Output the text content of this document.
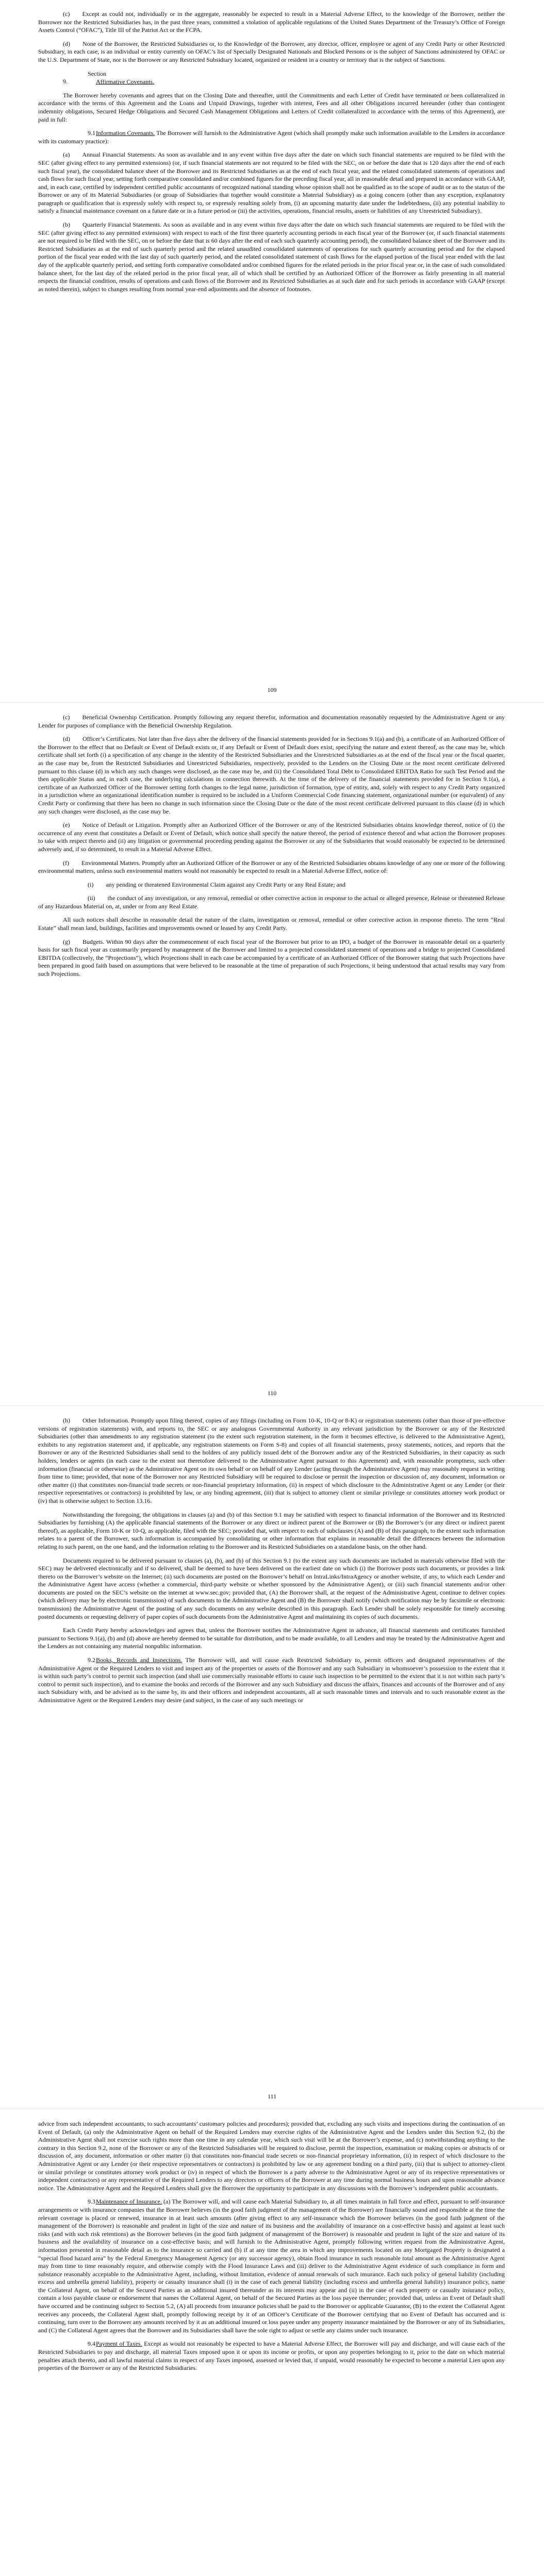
(c)  Except as could not, individually or in the aggregate, reasonably be expected to result in a Material Adverse Effect, to the knowledge of the Borrower, neither the Borrower nor the Restricted Subsidiaries has, in the past three years, committed a violation of applicable regulations of the United States Department of the Treasury’s Office of Foreign Assets Control (“OFAC”), Title III of the Patriot Act or the FCPA.

(d)  None of the Borrower, the Restricted Subsidiaries or, to the Knowledge of the Borrower, any director, officer, employee or agent of any Credit Party or other Restricted Subsidiary, in each case, is an individual or entity currently on OFAC’s list of Specially Designated Nationals and Blocked Persons or is the subject of Sanctions administered by OFAC or the U.S. Department of State, nor is the Borrower or any Restricted Subsidiary located, organized or resident in a country or territory that is the subject of Sanctions.

Section 9.	Affirmative Covenants.

The Borrower hereby covenants and agrees that on the Closing Date and thereafter, until the Commitments and each Letter of Credit have terminated or been collateralized in accordance with the terms of this Agreement and the Loans and Unpaid Drawings, together with interest, Fees and all other Obligations incurred hereunder (other than contingent indemnity obligations, Secured Hedge Obligations and Secured Cash Management Obligations and Letters of Credit collateralized in accordance with the terms of this Agreement), are paid in full:

9.1Information Covenants. The Borrower will furnish to the Administrative Agent (which shall promptly make such information available to the Lenders in accordance with its customary practice):

(a)  Annual Financial Statements. As soon as available and in any event within five days after the date on which such financial statements are required to be filed with the SEC (after giving effect to any permitted extensions) (or, if such financial statements are not required to be filed with the SEC, on or before the date that is 120 days after the end of each such fiscal year), the consolidated balance sheet of the Borrower and its Restricted Subsidiaries as at the end of each fiscal year, and the related consolidated statements of operations and cash flows for such fiscal year, setting forth comparative consolidated and/or combined figures for the preceding fiscal year, all in reasonable detail and prepared in accordance with GAAP, and, in each case, certified by independent certified public accountants of recognized national standing whose opinion shall not be qualified as to the scope of audit or as to the status of the Borrower or any of its Material Subsidiaries (or group of Subsidiaries that together would constitute a Material Subsidiary) as a going concern (other than any exception, explanatory paragraph or qualification that is expressly solely with respect to, or expressly resulting solely from, (i) an upcoming maturity date under the Indebtedness, (ii) any potential inability to satisfy a financial maintenance covenant on a future date or in a future period or (iii) the activities, operations, financial results, assets or liabilities of any Unrestricted Subsidiary).

(b)  Quarterly Financial Statements. As soon as available and in any event within five days after the date on which such financial statements are required to be filed with the SEC (after giving effect to any permitted extensions) with respect to each of the first three quarterly accounting periods in each fiscal year of the Borrower (or, if such financial statements are not required to be filed with the SEC, on or before the date that is 60 days after the end of each such quarterly accounting period), the consolidated balance sheet of the Borrower and its Restricted Subsidiaries as at the end of such quarterly period and the related unaudited consolidated statements of operations for such quarterly accounting period and for the elapsed portion of the fiscal year ended with the last day of such quarterly period, and the related consolidated statement of cash flows for the elapsed portion of the fiscal year ended with the last day of the applicable quarterly period, and setting forth comparative consolidated and/or combined figures for the related periods in the prior fiscal year or, in the case of such consolidated balance sheet, for the last day of the related period in the prior fiscal year, all of which shall be certified by an Authorized Officer of the Borrower as fairly presenting in all material respects the financial condition, results of operations and cash flows of the Borrower and its Restricted Subsidiaries as at such date and for such periods in accordance with GAAP (except as noted therein), subject to changes resulting from normal year-end adjustments and the absence of footnotes.

109

(c)  Beneficial Ownership Certification. Promptly following any request therefor, information and documentation reasonably requested by the Administrative Agent or any Lender for purposes of compliance with the Beneficial Ownership Regulation.

(d)  Officer’s Certificates. Not later than five days after the delivery of the financial statements provided for in Sections 9.1(a) and (b), a certificate of an Authorized Officer of the Borrower to the effect that no Default or Event of Default exists or, if any Default or Event of Default does exist, specifying the nature and extent thereof, as the case may be, which certificate shall set forth (i) a specification of any change in the identity of the Restricted Subsidiaries and the Unrestricted Subsidiaries as at the end of the fiscal year or the fiscal quarter, as the case may be, from the Restricted Subsidiaries and Unrestricted Subsidiaries, respectively, provided to the Lenders on the Closing Date or the most recent certificate delivered pursuant to this clause (d) in which any such changes were disclosed, as the case may be, and (ii) the Consolidated Total Debt to Consolidated EBITDA Ratio for such Test Period and the then applicable Status and, in each case, the underlying calculations in connection therewith. At the time of the delivery of the financial statements provided for in Section 9.1(a), a certificate of an Authorized Officer of the Borrower setting forth changes to the legal name, jurisdiction of formation, type of entity, and, solely with respect to any Credit Party organized in a jurisdiction where an organizational identification number is required to be included in a Uniform Commercial Code financing statement, organizational number (or equivalent) of any Credit Party or confirming that there has been no change in such information since the Closing Date or the date of the most recent certificate delivered pursuant to this clause (d) in which any such changes were disclosed, as the case may be.

(e)  Notice of Default or Litigation. Promptly after an Authorized Officer of the Borrower or any of the Restricted Subsidiaries obtains knowledge thereof, notice of (i) the occurrence of any event that constitutes a Default or Event of Default, which notice shall specify the nature thereof, the period of existence thereof and what action the Borrower proposes to take with respect thereto and (ii) any litigation or governmental proceeding pending against the Borrower or any of the Subsidiaries that would reasonably be expected to be determined adversely and, if so determined, to result in a Material Adverse Effect.

(f)  Environmental Matters. Promptly after an Authorized Officer of the Borrower or any of the Restricted Subsidiaries obtains knowledge of any one or more of the following environmental matters, unless such environmental matters would not reasonably be expected to result in a Material Adverse Effect, notice of:

(i)  any pending or threatened Environmental Claim against any Credit Party or any Real Estate; and

(ii)  the conduct of any investigation, or any removal, remedial or other corrective action in response to the actual or alleged presence, Release or threatened Release of any Hazardous Material on, at, under or from any Real Estate.

All such notices shall describe in reasonable detail the nature of the claim, investigation or removal, remedial or other corrective action in response thereto. The term “Real Estate” shall mean land, buildings, facilities and improvements owned or leased by any Credit Party.

(g)  Budgets. Within 90 days after the commencement of each fiscal year of the Borrower but prior to an IPO, a budget of the Borrower in reasonable detail on a quarterly basis for such fiscal year as customarily prepared by management of the Borrower and limited to a projected consolidated statement of operations and a bridge to projected Consolidated EBITDA (collectively, the “Projections”), which Projections shall in each case be accompanied by a certificate of an Authorized Officer of the Borrower stating that such Projections have been prepared in good faith based on assumptions that were believed to be reasonable at the time of preparation of such Projections, it being understood that actual results may vary from such Projections.

110

(h)  Other Information. Promptly upon filing thereof, copies of any filings (including on Form 10-K, 10-Q or 8-K) or registration statements (other than those of pre-effective versions of registration statements) with, and reports to, the SEC or any analogous Governmental Authority in any relevant jurisdiction by the Borrower or any of the Restricted Subsidiaries (other than amendments to any registration statement (to the extent such registration statement, in the form it becomes effective, is delivered to the Administrative Agent), exhibits to any registration statement and, if applicable, any registration statements on Form S-8) and copies of all financial statements, proxy statements, notices, and reports that the Borrower or any of the Restricted Subsidiaries shall send to the holders of any publicly issued debt of the Borrower and/or any of the Restricted Subsidiaries, in their capacity as such holders, lenders or agents (in each case to the extent not theretofore delivered to the Administrative Agent pursuant to this Agreement) and, with reasonable promptness, such other information (financial or otherwise) as the Administrative Agent on its own behalf or on behalf of any Lender (acting through the Administrative Agent) may reasonably request in writing from time to time; provided, that none of the Borrower nor any Restricted Subsidiary will be required to disclose or permit the inspection or discussion of, any document, information or other matter (i) that constitutes non-financial trade secrets or non-financial proprietary information, (ii) in respect of which disclosure to the Administrative Agent or any Lender (or their respective representatives or contractors) is prohibited by law, or any binding agreement, (iii) that is subject to attorney client or similar privilege or constitutes attorney work product or (iv) that is otherwise subject to Section 13.16.

Notwithstanding the foregoing, the obligations in clauses (a) and (b) of this Section 9.1 may be satisfied with respect to financial information of the Borrower and its Restricted Subsidiaries by furnishing (A) the applicable financial statements of the Borrower or any direct or indirect parent of the Borrower or (B) the Borrower’s (or any direct or indirect parent thereof), as applicable, Form 10-K or 10-Q, as applicable, filed with the SEC; provided that, with respect to each of subclauses (A) and (B) of this paragraph, to the extent such information relates to a parent of the Borrower, such information is accompanied by consolidating or other information that explains in reasonable detail the differences between the information relating to such parent, on the one hand, and the information relating to the Borrower and its Restricted Subsidiaries on a standalone basis, on the other hand.

Documents required to be delivered pursuant to clauses (a), (b), and (h) of this Section 9.1 (to the extent any such documents are included in materials otherwise filed with the SEC) may be delivered electronically and if so delivered, shall be deemed to have been delivered on the earliest date on which (i) the Borrower posts such documents, or provides a link thereto on the Borrower’s website on the Internet; (ii) such documents are posted on the Borrower’s behalf on IntraLinks/IntraAgency or another website, if any, to which each Lender and the Administrative Agent have access (whether a commercial, third-party website or whether sponsored by the Administrative Agent), or (iii) such financial statements and/or other documents are posted on the SEC’s website on the internet at www.sec.gov; provided that, (A) the Borrower shall, at the request of the Administrative Agent, continue to deliver copies (which delivery may be by electronic transmission) of such documents to the Administrative Agent and (B) the Borrower shall notify (which notification may be by facsimile or electronic transmission) the Administrative Agent of the posting of any such documents on any website described in this paragraph. Each Lender shall be solely responsible for timely accessing posted documents or requesting delivery of paper copies of such documents from the Administrative Agent and maintaining its copies of such documents.

Each Credit Party hereby acknowledges and agrees that, unless the Borrower notifies the Administrative Agent in advance, all financial statements and certificates furnished pursuant to Sections 9.1(a), (b) and (d) above are hereby deemed to be suitable for distribution, and to be made available, to all Lenders and may be treated by the Administrative Agent and the Lenders as not containing any material nonpublic information.

9.2Books, Records and Inspections. The Borrower will, and will cause each Restricted Subsidiary to, permit officers and designated representatives of the Administrative Agent or the Required Lenders to visit and inspect any of the properties or assets of the Borrower and any such Subsidiary in whomsoever’s possession to the extent that it is within such party’s control to permit such inspection (and shall use commercially reasonable efforts to cause such inspection to be permitted to the extent that it is not within such party’s control to permit such inspection), and to examine the books and records of the Borrower and any such Subsidiary and discuss the affairs, finances and accounts of the Borrower and of any such Subsidiary with, and be advised as to the same by, its and their officers and independent accountants, all at such reasonable times and intervals and to such reasonable extent as the Administrative Agent or the Required Lenders may desire (and subject, in the case of any such meetings or

111

advice from such independent accountants, to such accountants’ customary policies and procedures); provided that, excluding any such visits and inspections during the continuation of an Event of Default, (a) only the Administrative Agent on behalf of the Required Lenders may exercise rights of the Administrative Agent and the Lenders under this Section 9.2, (b) the Administrative Agent shall not exercise such rights more than one time in any calendar year, which such visit will be at the Borrower’s expense, and (c) notwithstanding anything to the contrary in this Section 9.2, none of the Borrower or any of the Restricted Subsidiaries will be required to disclose, permit the inspection, examination or making copies or abstracts of or discussion of, any document, information or other matter (i) that constitutes non-financial trade secrets or non-financial proprietary information, (ii) in respect of which disclosure to the Administrative Agent or any Lender (or their respective representatives or contractors) is prohibited by law or any agreement binding on a third party, (iii) that is subject to attorney-client or similar privilege or constitutes attorney work product or (iv) in respect of which the Borrower is a party adverse to the Administrative Agent or any of its respective representatives or independent contractors) or any representative of the Required Lenders to any directors or officers of the Borrower at any time during normal business hours and upon reasonable advance notice. The Administrative Agent and the Required Lenders shall give the Borrower the opportunity to participate in any discussions with the Borrower’s independent public accountants.

9.3Maintenance of Insurance. (a) The Borrower will, and will cause each Material Subsidiary to, at all times maintain in full force and effect, pursuant to self-insurance arrangements or with insurance companies that the Borrower believes (in the good faith judgment of the management of the Borrower) are financially sound and responsible at the time the relevant coverage is placed or renewed, insurance in at least such amounts (after giving effect to any self-insurance which the Borrower believes (in the good faith judgment of the management of the Borrower) is reasonable and prudent in light of the size and nature of its business and the availability of insurance on a cost-effective basis) and against at least such risks (and with such risk retentions) as the Borrower believes (in the good faith judgment of management of the Borrower) is reasonable and prudent in light of the size and nature of its business and the availability of insurance on a cost-effective basis; and will furnish to the Administrative Agent, promptly following written request from the Administrative Agent, information presented in reasonable detail as to the insurance so carried and (b) if at any time the area in which any improvements located on any Mortgaged Property is designated a “special flood hazard area” by the Federal Emergency Management Agency (or any successor agency), obtain flood insurance in such reasonable total amount as the Administrative Agent may from time to time reasonably require, and otherwise comply with the Flood Insurance Laws and (iii) deliver to the Administrative Agent evidence of such compliance in form and substance reasonably acceptable to the Administrative Agent, including, without limitation, evidence of annual renewals of such insurance. Each such policy of general liability (including excess and umbrella general liability), property or casualty insurance shall (i) in the case of each general liability (including excess and umbrella general liability) insurance policy, name the Collateral Agent, on behalf of the Secured Parties as an additional insured thereunder as its interests may appear and (ii) in the case of each property or casualty insurance policy, contain a loss payable clause or endorsement that names the Collateral Agent, on behalf of the Secured Parties as the loss payee thereunder; provided that, unless an Event of Default shall have occurred and be continuing subject to Section 5.2, (A) all proceeds from insurance policies shall be paid to the Borrower or applicable Guarantor, (B) to the extent the Collateral Agent receives any proceeds, the Collateral Agent shall, promptly following receipt by it of an Officer’s Certificate of the Borrower certifying that no Event of Default has occurred and is continuing, turn over to the Borrower any amounts received by it as an additional insured or loss payee under any property insurance maintained by the Borrower or any of its Subsidiaries, and (C) the Collateral Agent agrees that the Borrower and its Subsidiaries shall have the sole right to adjust or settle any claims under such insurance.

9.4Payment of Taxes. Except as would not reasonably be expected to have a Material Adverse Effect, the Borrower will pay and discharge, and will cause each of the Restricted Subsidiaries to pay and discharge, all material Taxes imposed upon it or upon its income or profits, or upon any properties belonging to it, prior to the date on which material penalties attach thereto, and all lawful material claims in respect of any Taxes imposed, assessed or levied that, if unpaid, would reasonably be expected to become a material Lien upon any properties of the Borrower or any of the Restricted Subsidiaries.
